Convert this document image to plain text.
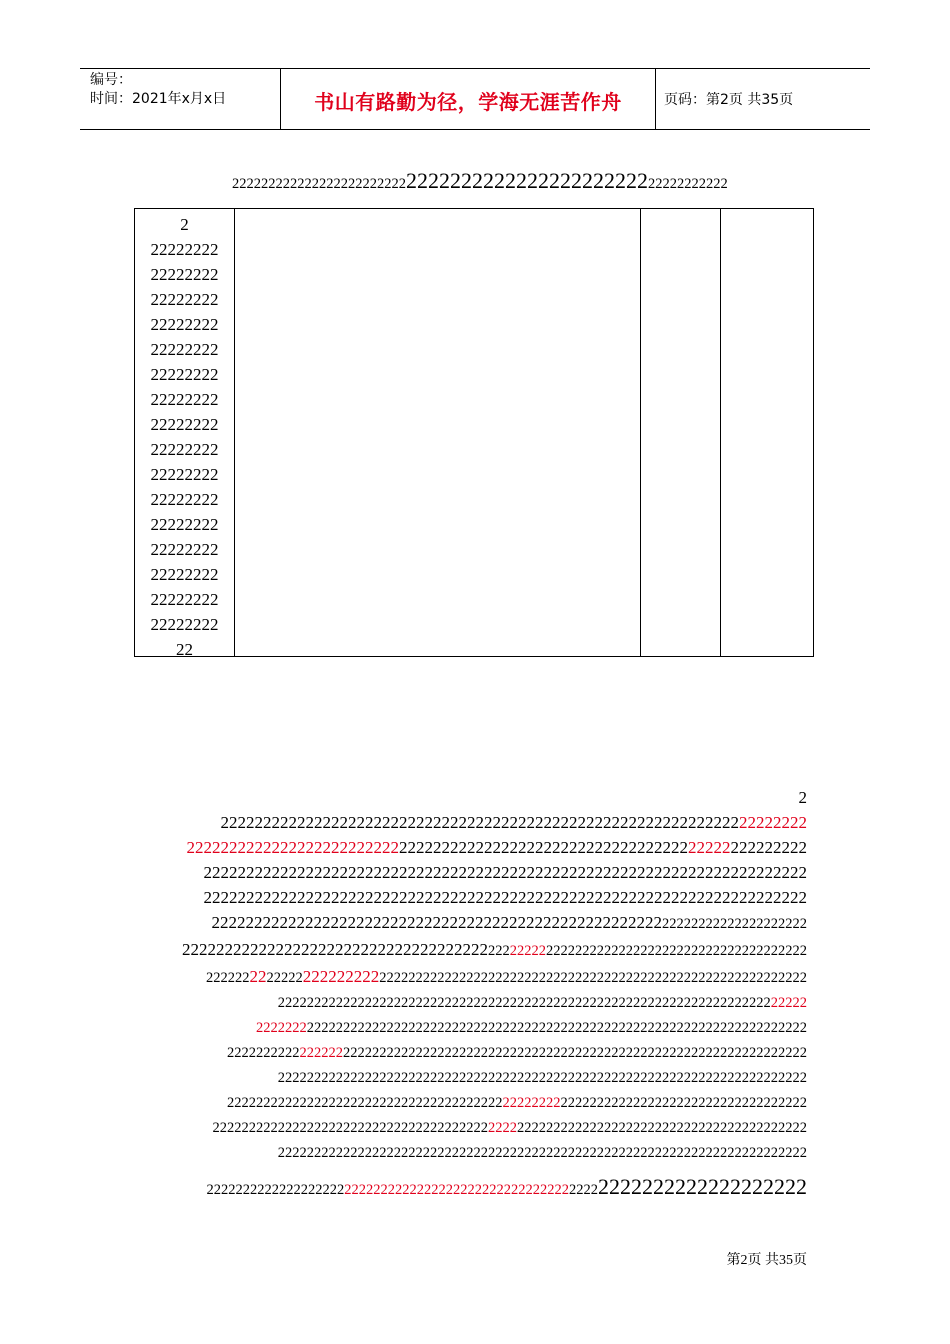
编号：
时间：2021年x月x日	书山有路勤为径，学海无涯苦作舟	页码：第2页 共35页
222222222222222222222222222222222222222222222222222222222
2
22222222
22222222
22222222
22222222
22222222
22222222
22222222
22222222
22222222
22222222
22222222
22222222
22222222
22222222
22222222
22222222
22
2
222222222222222222222222222222222222222222222222222222222222222222222
2222222222222222222222222222222222222222222222222222222222222222222222222
22222222222222222222222222222222222222222222222222222222222222222222222
22222222222222222222222222222222222222222222222222222222222222222222222
2222222222222222222222222222222222222222222222222222222222222222222222222
22222222222222222222222222222222222222222222222222222222222222222222222222222222
222222222222222222222222222222222222222222222222222222222222222222222222222222222
2222222222222222222222222222222222222222222222222222222222222222222222222
2222222222222222222222222222222222222222222222222222222222222222222222222222
22222222222222222222222222222222222222222222222222222222222222222222222222222222
2222222222222222222222222222222222222222222222222222222222222222222222222
22222222222222222222222222222222222222222222222222222222222222222222222222222222
2222222222222222222222222222222222222222222222222222222222222222222222222222222222
2222222222222222222222222222222222222222222222222222222222222222222222222
2222222222222222222222222222222222222222222222222222222222222222222222222
第2页 共35页
